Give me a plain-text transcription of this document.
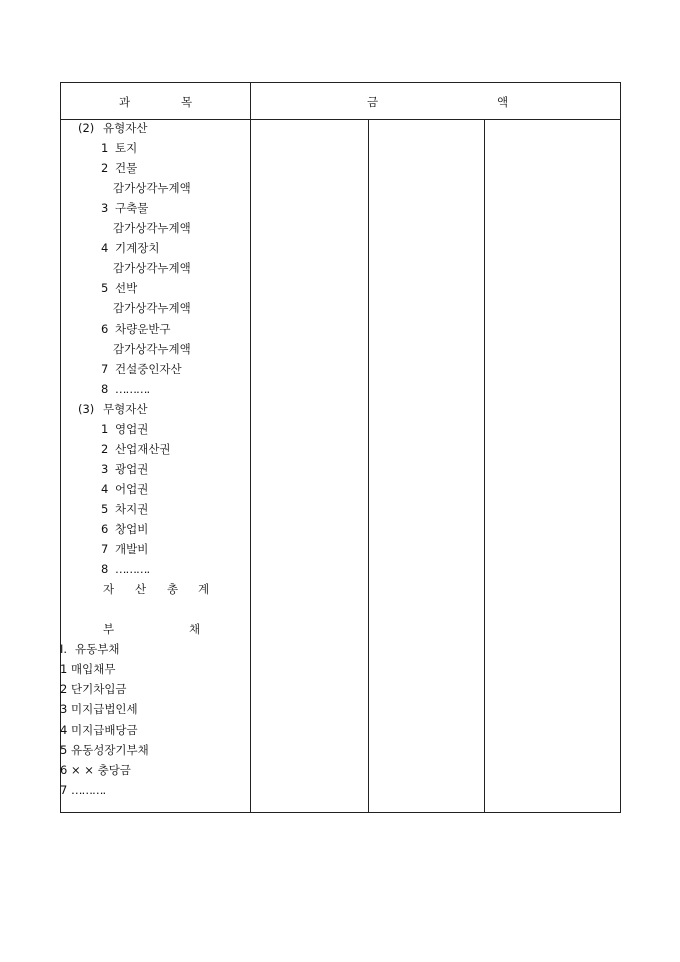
과	목	금	액
(2) 유형자산
1 토지
2 건물
감가상각누계액
3 구축물
감가상각누계액
4 기계장치
감가상각누계액
5 선박
감가상각누계액
6 차량운반구
감가상각누계액
7 건설중인자산
8 ……….
(3) 무형자산
1 영업권
2 산업재산권
3 광업권
4 어업권
5 차지권
6 창업비
7 개발비
8 ……….
자 산 총 계
부	채
I. 유동부채
1 매입채무
2 단기차입금
3 미지급법인세
4 미지급배당금
5 유동성장기부채
6 × × 충당금
7 ……….
